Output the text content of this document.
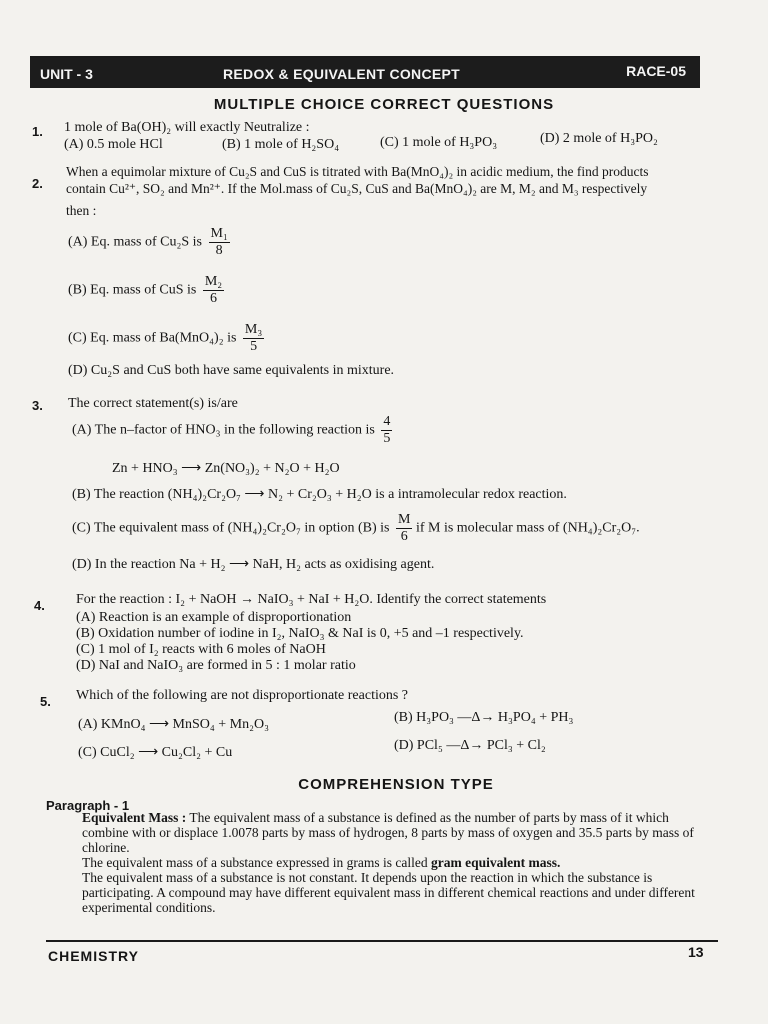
UNIT - 3	REDOX & EQUIVALENT CONCEPT	RACE-05
MULTIPLE CHOICE CORRECT QUESTIONS
1. 1 mole of Ba(OH)₂ will exactly Neutralize :
(A) 0.5 mole HCl	(B) 1 mole of H₂SO₄	(C) 1 mole of H₃PO₃	(D) 2 mole of H₃PO₂
2.
When a equimolar mixture of Cu₂S and CuS is titrated with Ba(MnO₄)₂ in acidic medium, the find products
contain Cu²⁺, SO₂ and Mn²⁺. If the Mol.mass of Cu₂S, CuS and Ba(MnO₄)₂ are M, M₂ and M₃ respectively
then :
(A) Eq. mass of Cu₂S is $\frac{\text{M₁}}{8}$
(B) Eq. mass of CuS is $\frac{\text{M₂}}{6}$
(C) Eq. mass of Ba(MnO₄)₂ is $\frac{\text{M₃}}{5}$
(D) Cu₂S and CuS both have same equivalents in mixture.
3. The correct statement(s) is/are
(A) The n–factor of HNO₃ in the following reaction is $\frac{4}{5}$
Zn + HNO₃ ⟶ Zn(NO₃)₂ + N₂O + H₂O
(B) The reaction (NH₄)₂Cr₂O₇ ⟶ N₂ + Cr₂O₃ + H₂O is a intramolecular redox reaction.
(C) The equivalent mass of (NH₄)₂Cr₂O₇ in option (B) is $\frac{M}{6}$ if M is molecular mass of (NH₄)₂Cr₂O₇.
(D) In the reaction Na + H₂ ⟶ NaH, H₂ acts as oxidising agent.
4. For the reaction : I₂ + NaOH → NaIO₃ + NaI + H₂O. Identify the correct statements
(A) Reaction is an example of disproportionation
(B) Oxidation number of iodine in I₂, NaIO₃ & NaI is 0, +5 and –1 respectively.
(C) 1 mol of I₂ reacts with 6 moles of NaOH
(D) NaI and NaIO₃ are formed in 5 : 1 molar ratio
5. Which of the following are not disproportionate reactions ?
(A) KMnO₄ ⟶ MnSO₄ + Mn₂O₃	(B) H₃PO₃ —Δ→ H₃PO₄ + PH₃
(C) CuCl₂ ⟶ Cu₂Cl₂ + Cu	(D) PCl₅ —Δ→ PCl₃ + Cl₂
COMPREHENSION TYPE
Paragraph - 1
Equivalent Mass : The equivalent mass of a substance is defined as the number of parts by mass of it which combine with or displace 1.0078 parts by mass of hydrogen, 8 parts by mass of oxygen and 35.5 parts by mass of chlorine.
The equivalent mass of a substance expressed in grams is called gram equivalent mass.
The equivalent mass of a substance is not constant. It depends upon the reaction in which the substance is participating. A compound may have different equivalent mass in different chemical reactions and under different experimental conditions.
CHEMISTRY	13
